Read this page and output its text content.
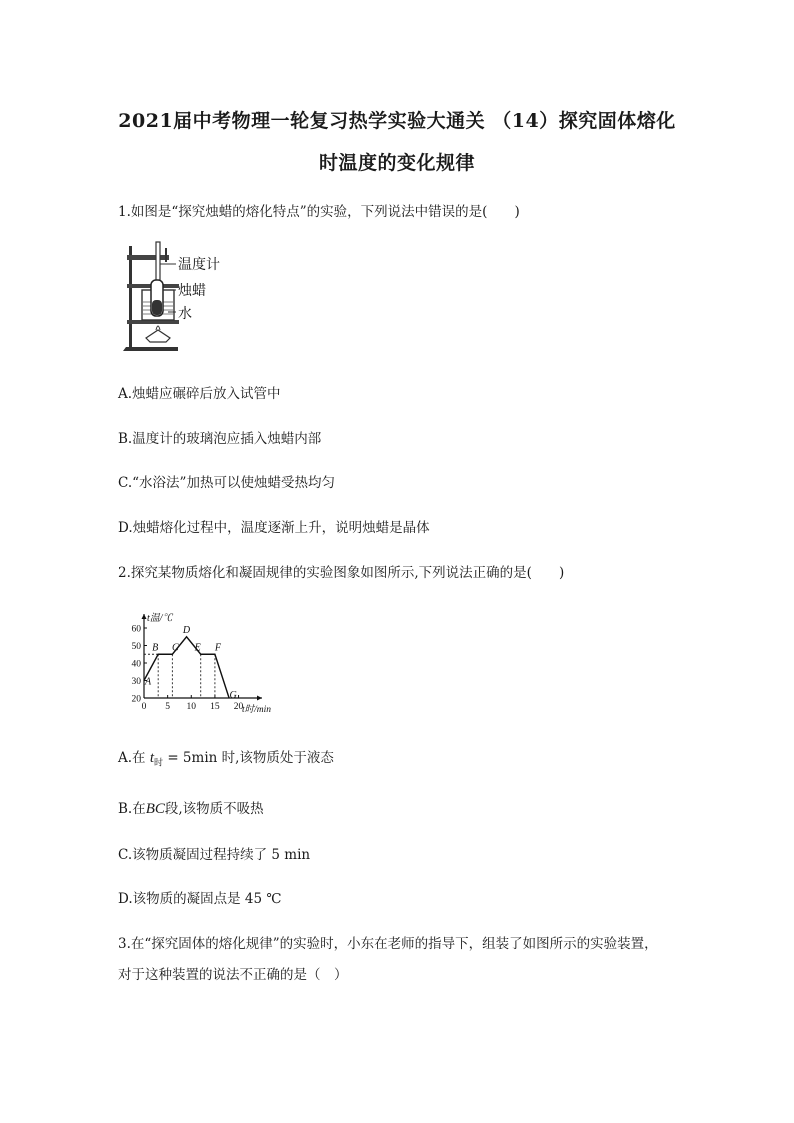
2021届中考物理一轮复习热学实验大通关 （14）探究固体熔化
时温度的变化规律
1.如图是“探究烛蜡的熔化特点”的实验，下列说法中错误的是(　　)
温度计
烛蜡
水
A.烛蜡应碾碎后放入试管中
B.温度计的玻璃泡应插入烛蜡内部
C.“水浴法”加热可以使烛蜡受热均匀
D.烛蜡熔化过程中，温度逐渐上升，说明烛蜡是晶体
2.探究某物质熔化和凝固规律的实验图象如图所示,下列说法正确的是(　　)
20
30
40
50
60
0 5 10 15 20
A
B C
D
E F
G
t温/℃
t时/min
A.在 $t_时 = 5\min$ 时,该物质处于液态
B.在BC段,该物质不吸热
C.该物质凝固过程持续了 5 min
D.该物质的凝固点是 45 ℃
3.在“探究固体的熔化规律”的实验时，小东在老师的指导下，组装了如图所示的实验装置，
对于这种装置的说法不正确的是（　）
